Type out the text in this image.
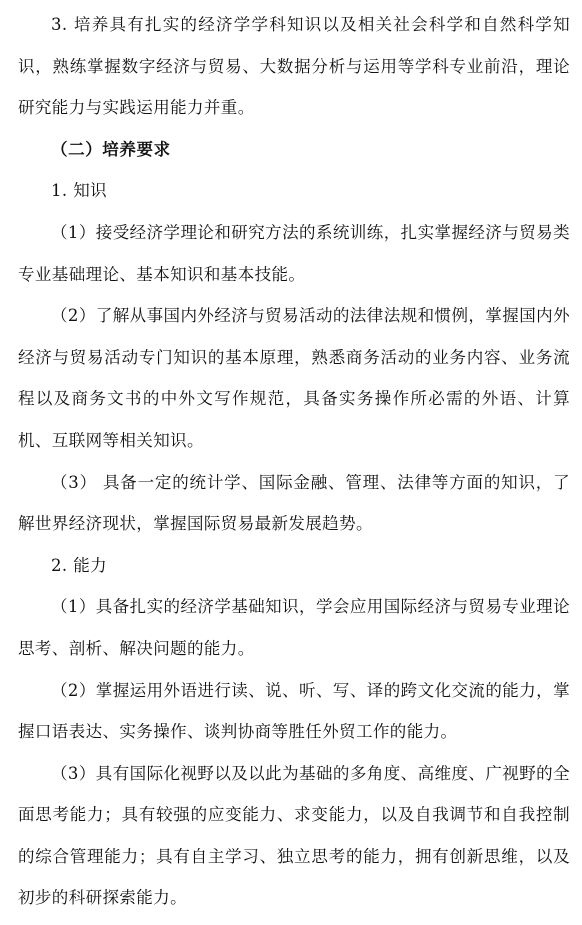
3. 培养具有扎实的经济学学科知识以及相关社会科学和自然科学知识，熟练掌握数字经济与贸易、大数据分析与运用等学科专业前沿，理论研究能力与实践运用能力并重。

（二）培养要求

1. 知识

（1）接受经济学理论和研究方法的系统训练，扎实掌握经济与贸易类专业基础理论、基本知识和基本技能。

（2）了解从事国内外经济与贸易活动的法律法规和惯例，掌握国内外经济与贸易活动专门知识的基本原理，熟悉商务活动的业务内容、业务流程以及商务文书的中外文写作规范，具备实务操作所必需的外语、计算机、互联网等相关知识。

（3） 具备一定的统计学、国际金融、管理、法律等方面的知识，了解世界经济现状，掌握国际贸易最新发展趋势。

2. 能力

（1）具备扎实的经济学基础知识，学会应用国际经济与贸易专业理论思考、剖析、解决问题的能力。

（2）掌握运用外语进行读、说、听、写、译的跨文化交流的能力，掌握口语表达、实务操作、谈判协商等胜任外贸工作的能力。

（3）具有国际化视野以及以此为基础的多角度、高维度、广视野的全面思考能力；具有较强的应变能力、求变能力，以及自我调节和自我控制的综合管理能力；具有自主学习、独立思考的能力，拥有创新思维，以及初步的科研探索能力。
